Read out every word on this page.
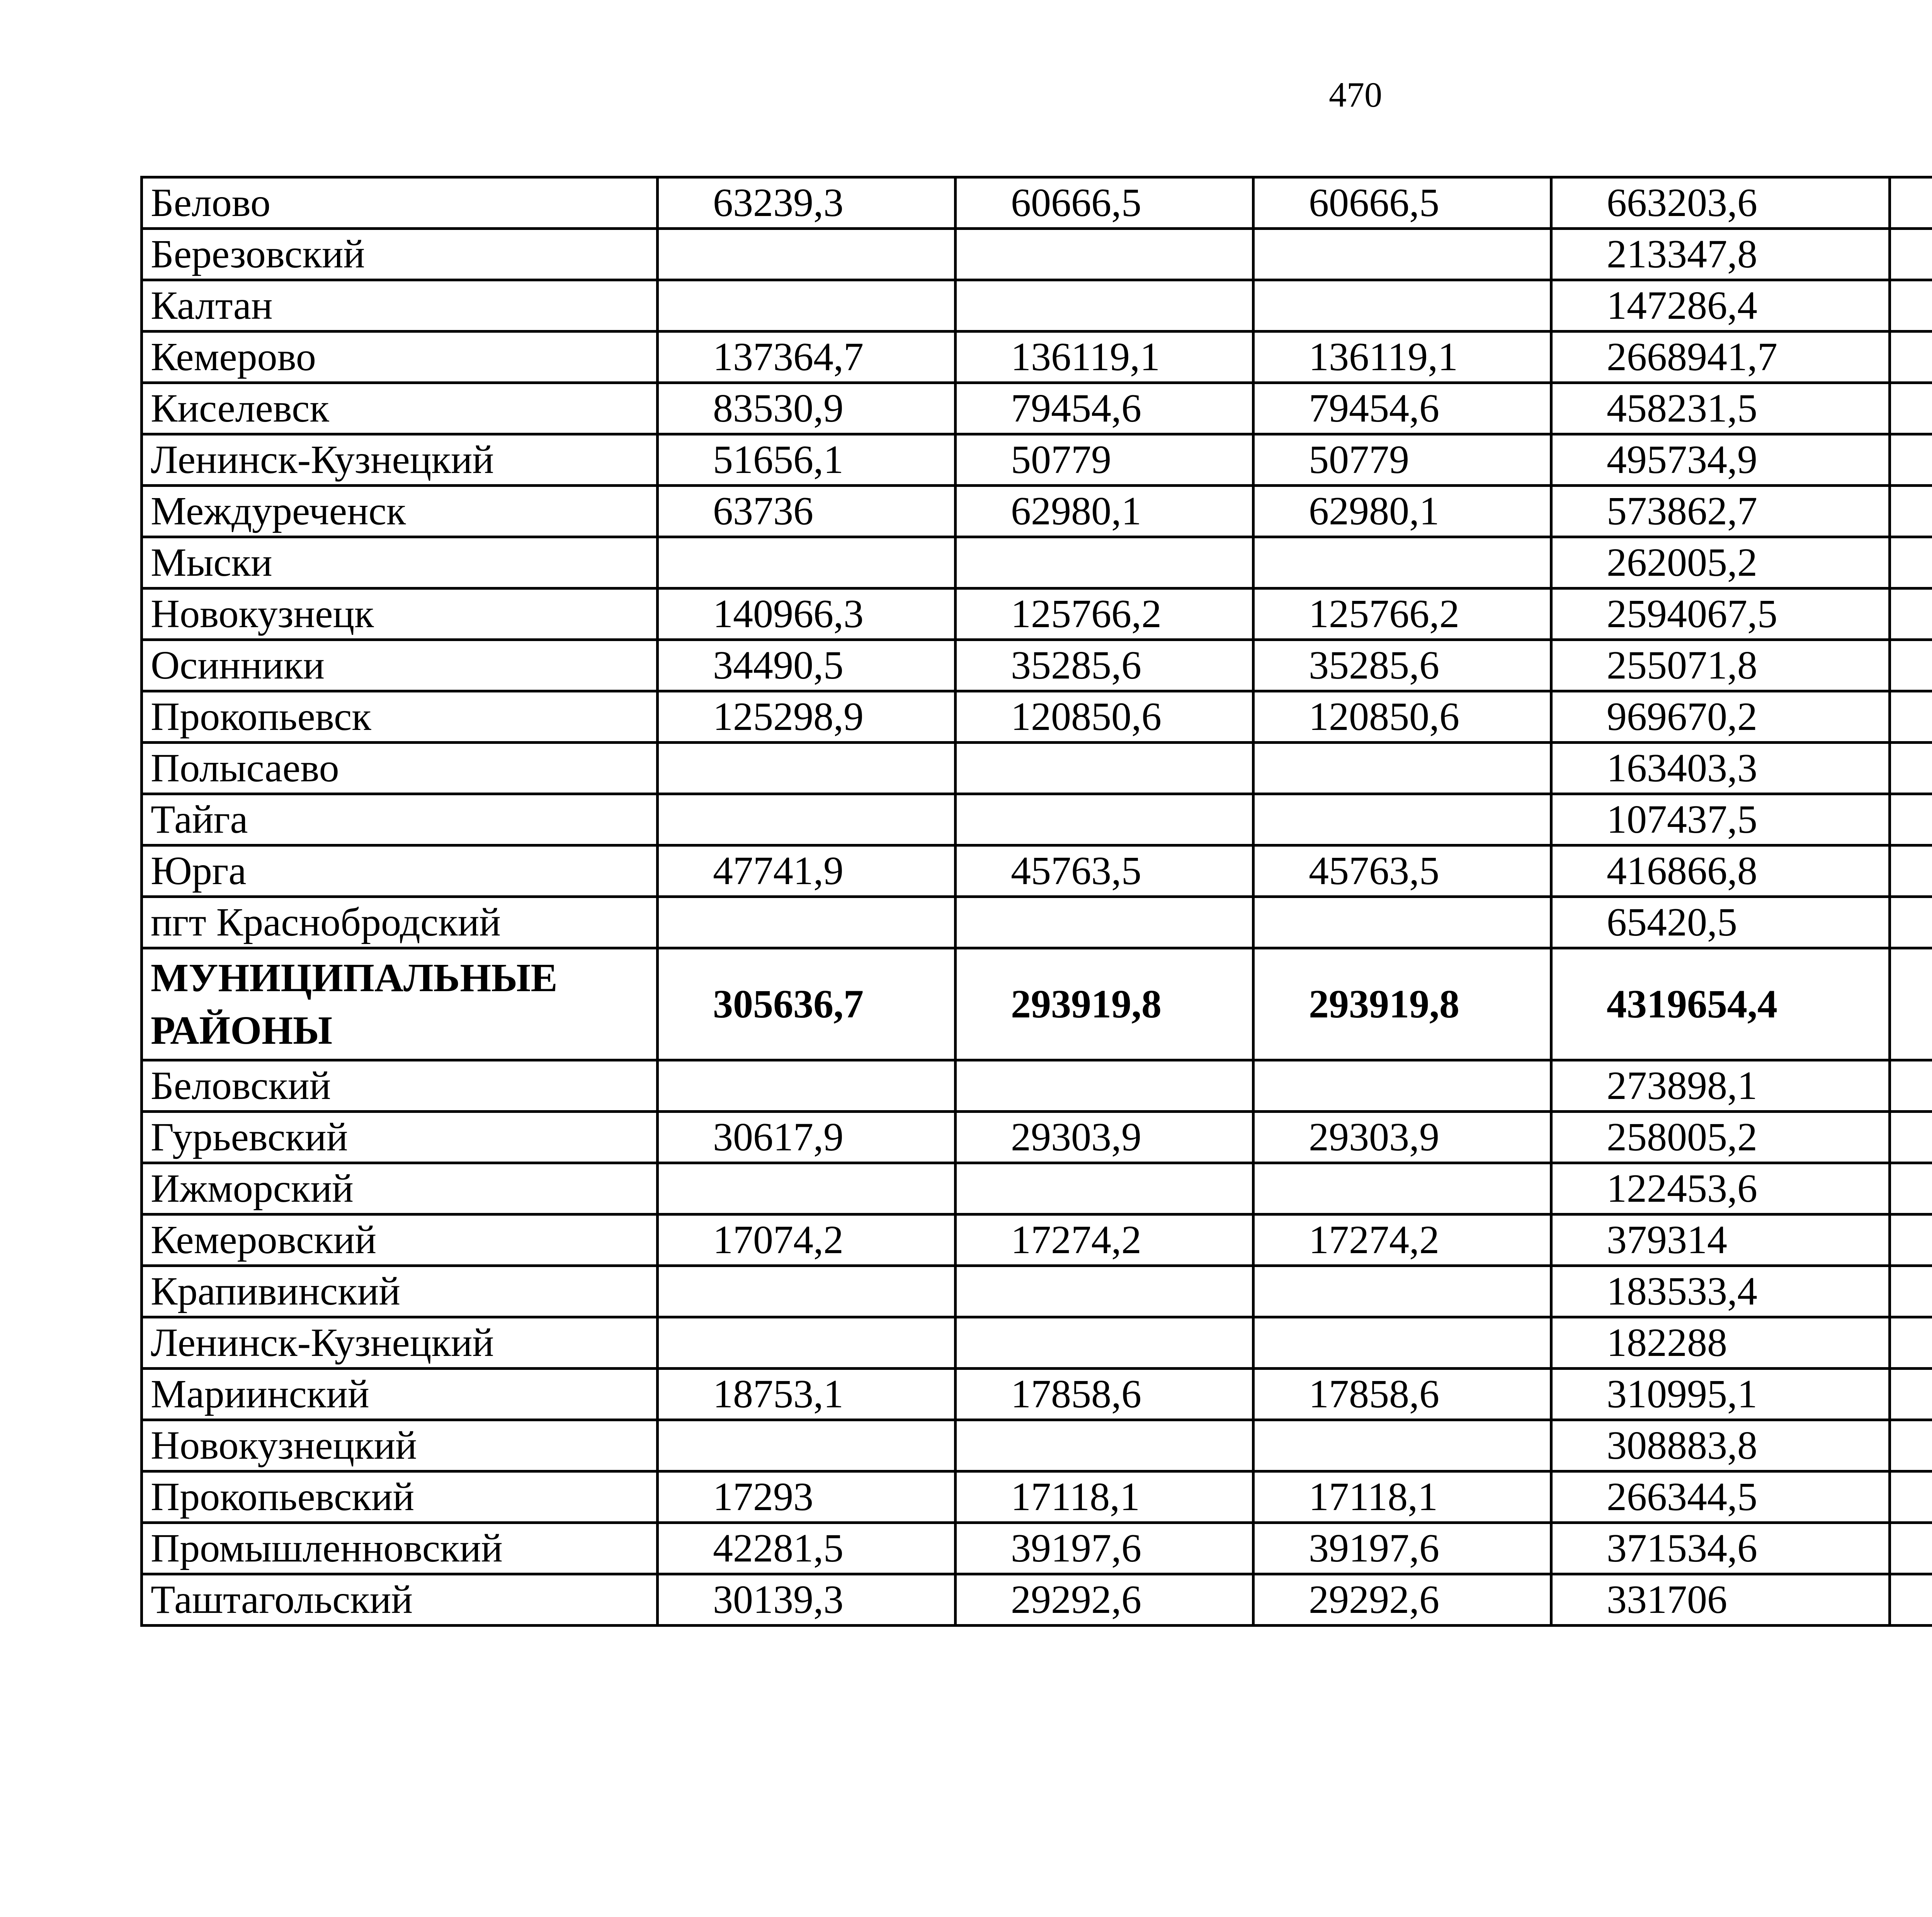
470
Белово	63239,3	60666,5	60666,5	663203,6		
Березовский				213347,8		
Калтан				147286,4		
Кемерово	137364,7	136119,1	136119,1	2668941,7		
Киселевск	83530,9	79454,6	79454,6	458231,5		
Ленинск-Кузнецкий	51656,1	50779	50779	495734,9		
Междуреченск	63736	62980,1	62980,1	573862,7		
Мыски				262005,2		
Новокузнецк	140966,3	125766,2	125766,2	2594067,5		
Осинники	34490,5	35285,6	35285,6	255071,8		
Прокопьевск	125298,9	120850,6	120850,6	969670,2		
Полысаево				163403,3		
Тайга				107437,5		
Юрга	47741,9	45763,5	45763,5	416866,8		
пгт Краснобродский				65420,5		
МУНИЦИПАЛЬНЫЕ РАЙОНЫ	305636,7	293919,8	293919,8	4319654,4		
Беловский				273898,1		
Гурьевский	30617,9	29303,9	29303,9	258005,2		
Ижморский				122453,6		
Кемеровский	17074,2	17274,2	17274,2	379314		
Крапивинский				183533,4		
Ленинск-Кузнецкий				182288		
Мариинский	18753,1	17858,6	17858,6	310995,1		
Новокузнецкий				308883,8		
Прокопьевский	17293	17118,1	17118,1	266344,5		
Промышленновский	42281,5	39197,6	39197,6	371534,6		
Таштагольский	30139,3	29292,6	29292,6	331706		
